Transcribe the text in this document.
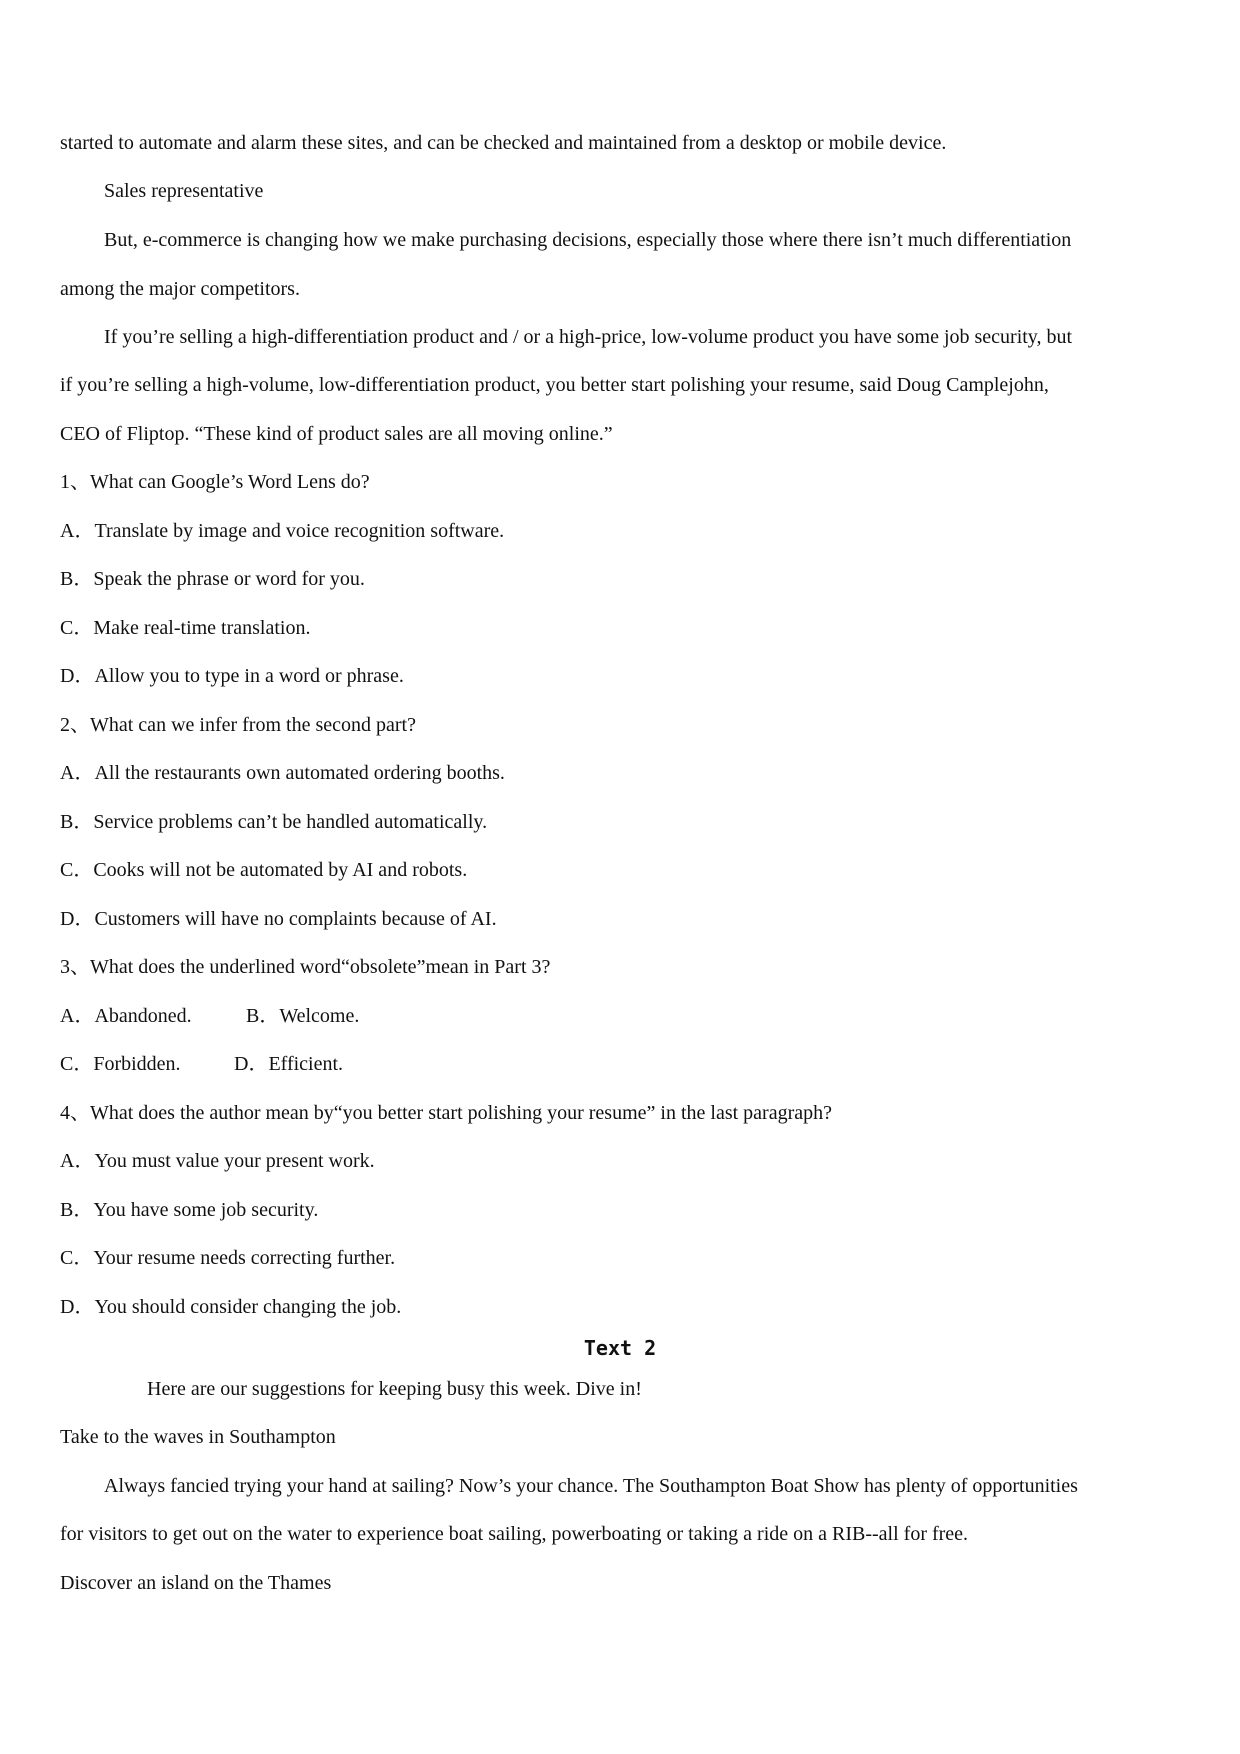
started to automate and alarm these sites, and can be checked and maintained from a desktop or mobile device.
Sales representative
But, e-commerce is changing how we make purchasing decisions, especially those where there isn’t much differentiation
among the major competitors.
If you’re selling a high-differentiation product and / or a high-price, low-volume product you have some job security, but
if you’re selling a high-volume, low-differentiation product, you better start polishing your resume, said Doug Camplejohn,
CEO of Fliptop. “These kind of product sales are all moving online.”
1、What can Google’s Word Lens do?
A．Translate by image and voice recognition software.
B．Speak the phrase or word for you.
C．Make real-time translation.
D．Allow you to type in a word or phrase.
2、What can we infer from the second part?
A．All the restaurants own automated ordering booths.
B．Service problems can’t be handled automatically.
C．Cooks will not be automated by AI and robots.
D．Customers will have no complaints because of AI.
3、What does the underlined word“obsolete”mean in Part 3?
A．Abandoned.	B．Welcome.
C．Forbidden.	D．Efficient.
4、What does the author mean by“you better start polishing your resume” in the last paragraph?
A．You must value your present work.
B．You have some job security.
C．Your resume needs correcting further.
D．You should consider changing the job.
Text 2
Here are our suggestions for keeping busy this week. Dive in!
Take to the waves in Southampton
Always fancied trying your hand at sailing? Now’s your chance. The Southampton Boat Show has plenty of opportunities
for visitors to get out on the water to experience boat sailing, powerboating or taking a ride on a RIB--all for free.
Discover an island on the Thames
